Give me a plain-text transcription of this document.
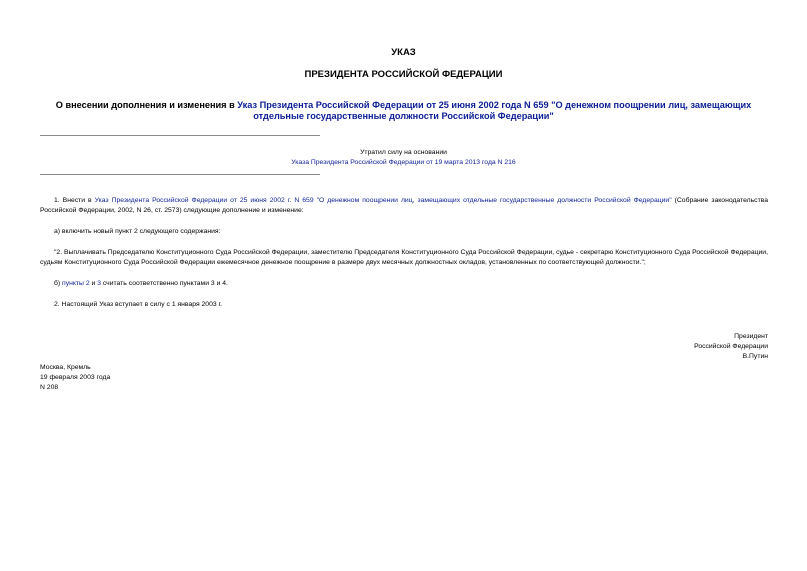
УКАЗ
ПРЕЗИДЕНТА РОССИЙСКОЙ ФЕДЕРАЦИИ
О внесении дополнения и изменения в Указ Президента Российской Федерации от 25 июня 2002 года N 659 "О денежном поощрении лиц, замещающих отдельные государственные должности Российской Федерации"
Утратил силу на основании
Указа Президента Российской Федерации от 19 марта 2013 года N 216
1. Внести в Указ Президента Российской Федерации от 25 июня 2002 г. N 659 "О денежном поощрении лиц, замещающих отдельные государственные должности Российской Федерации" (Собрание законодательства Российской Федерации, 2002, N 26, ст. 2573) следующие дополнение и изменение:
а) включить новый пункт 2 следующего содержания:
"2. Выплачивать Председателю Конституционного Суда Российской Федерации, заместителю Председателя Конституционного Суда Российской Федерации, судье - секретарю Конституционного Суда Российской Федерации, судьям Конституционного Суда Российской Федерации ежемесячное денежное поощрение в размере двух месячных должностных окладов, установленных по соответствующей должности.";
б) пункты 2 и 3 считать соответственно пунктами 3 и 4.
2. Настоящий Указ вступает в силу с 1 января 2003 г.
Президент
Российской Федерации
В.Путин
Москва, Кремль
19 февраля 2003 года
N 208
